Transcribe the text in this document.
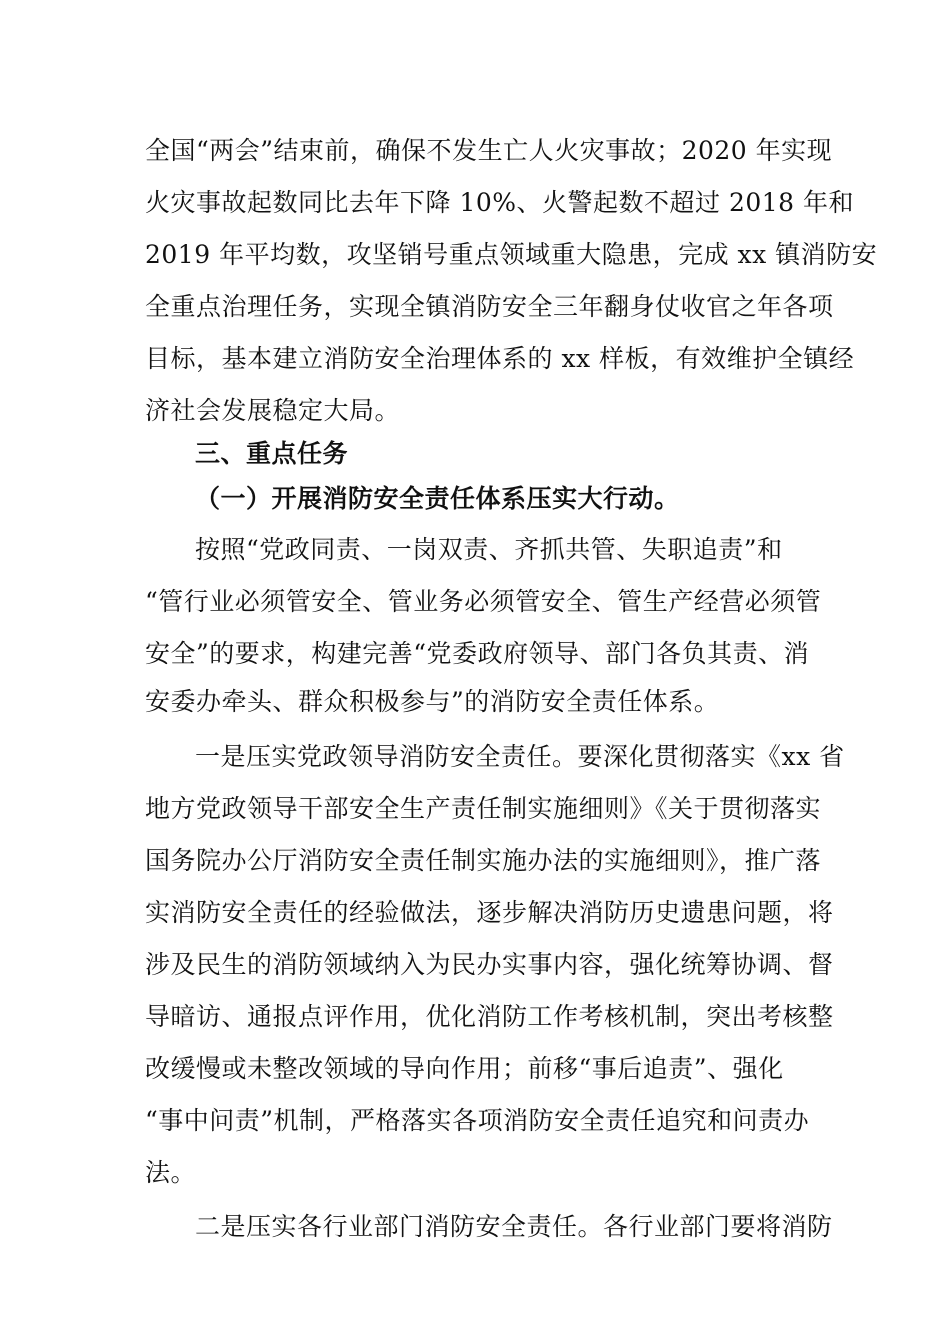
全国“两会”结束前，确保不发生亡人火灾事故；2020 年实现
火灾事故起数同比去年下降 10%、火警起数不超过 2018 年和
2019 年平均数，攻坚销号重点领域重大隐患，完成 xx 镇消防安
全重点治理任务，实现全镇消防安全三年翻身仗收官之年各项
目标，基本建立消防安全治理体系的 xx 样板，有效维护全镇经
济社会发展稳定大局。
三、重点任务
（一）开展消防安全责任体系压实大行动。
按照“党政同责、一岗双责、齐抓共管、失职追责”和
“管行业必须管安全、管业务必须管安全、管生产经营必须管
安全”的要求，构建完善“党委政府领导、部门各负其责、消
安委办牵头、群众积极参与”的消防安全责任体系。
一是压实党政领导消防安全责任。要深化贯彻落实《xx 省
地方党政领导干部安全生产责任制实施细则》《关于贯彻落实
国务院办公厅消防安全责任制实施办法的实施细则》，推广落
实消防安全责任的经验做法，逐步解决消防历史遗患问题，将
涉及民生的消防领域纳入为民办实事内容，强化统筹协调、督
导暗访、通报点评作用，优化消防工作考核机制，突出考核整
改缓慢或未整改领域的导向作用；前移“事后追责”、强化
“事中问责”机制，严格落实各项消防安全责任追究和问责办
法。
二是压实各行业部门消防安全责任。各行业部门要将消防
